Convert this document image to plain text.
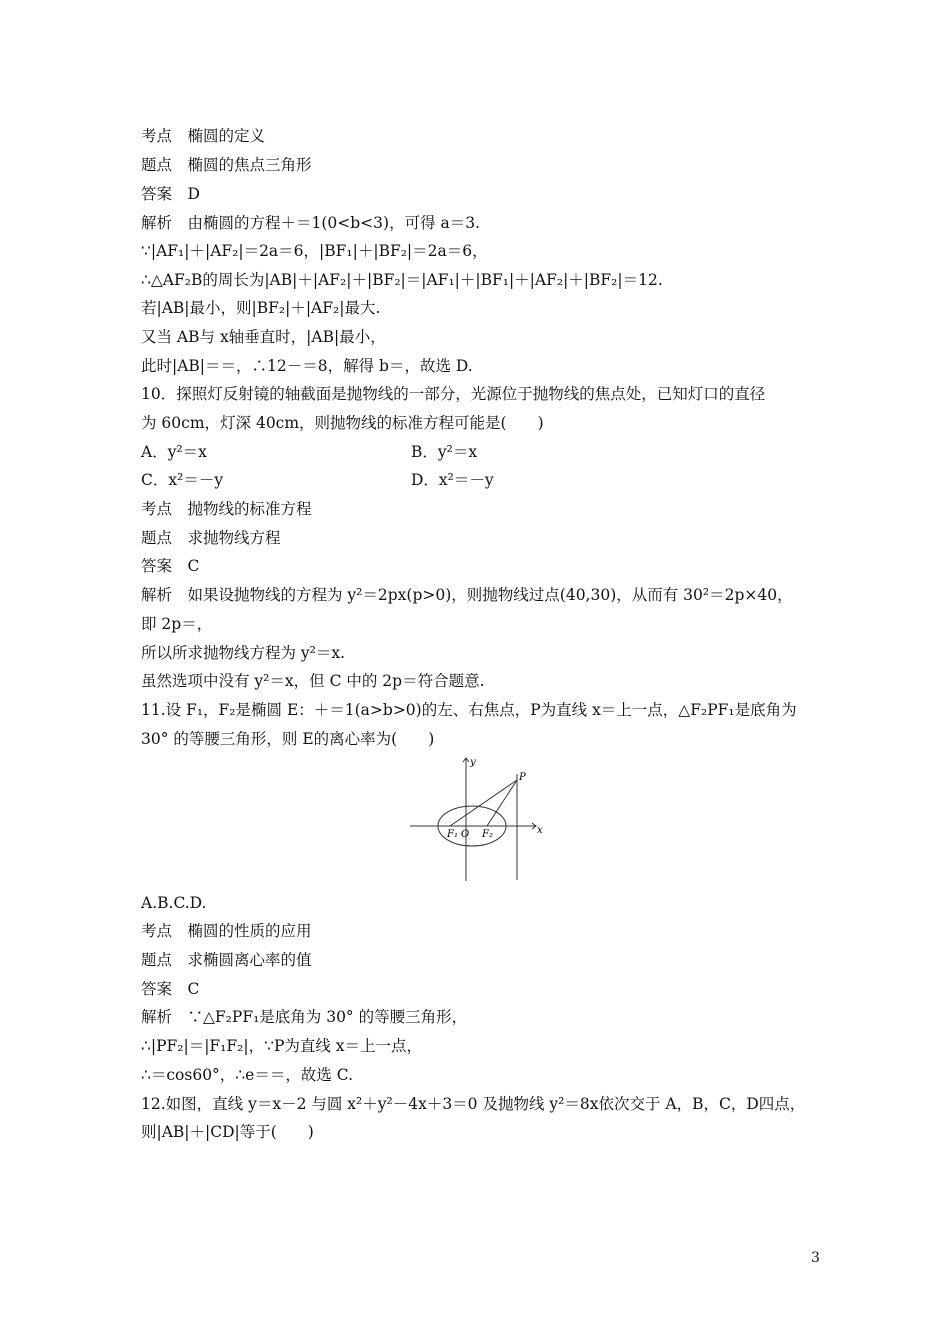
考点　椭圆的定义
题点　椭圆的焦点三角形
答案　D
解析　由椭圆的方程＋＝1(0<b<3)，可得 a＝3.
∵|AF₁|＋|AF₂|＝2a＝6，|BF₁|＋|BF₂|＝2a＝6，
∴△AF₂B的周长为|AB|＋|AF₂|＋|BF₂|＝|AF₁|＋|BF₁|＋|AF₂|＋|BF₂|＝12.
若|AB|最小，则|BF₂|＋|AF₂|最大.
又当 AB与 x轴垂直时，|AB|最小，
此时|AB|＝＝，∴12－＝8，解得 b＝，故选 D.
10．探照灯反射镜的轴截面是抛物线的一部分，光源位于抛物线的焦点处，已知灯口的直径
为 60cm，灯深 40cm，则抛物线的标准方程可能是(　　)
A．y²＝x	B．y²＝x
C．x²＝－y	D．x²＝－y
考点　抛物线的标准方程
题点　求抛物线方程
答案　C
解析　如果设抛物线的方程为 y²＝2px(p>0)，则抛物线过点(40,30)，从而有 30²＝2p×40，
即 2p＝，
所以所求抛物线方程为 y²＝x.
虽然选项中没有 y²＝x，但 C 中的 2p＝符合题意.
11.设 F₁，F₂是椭圆 E：＋＝1(a>b>0)的左、右焦点，P为直线 x＝上一点，△F₂PF₁是底角为
30° 的等腰三角形，则 E的离心率为(　　)
y
x
P
F₁ O F₂
A.B.C.D.
考点　椭圆的性质的应用
题点　求椭圆离心率的值
答案　C
解析　∵△F₂PF₁是底角为 30° 的等腰三角形，
∴|PF₂|＝|F₁F₂|，∵P为直线 x＝上一点，
∴＝cos60°，∴e＝＝，故选 C.
12.如图，直线 y＝x－2 与圆 x²＋y²－4x＋3＝0 及抛物线 y²＝8x依次交于 A，B，C，D四点，
则|AB|＋|CD|等于(　　)
3
